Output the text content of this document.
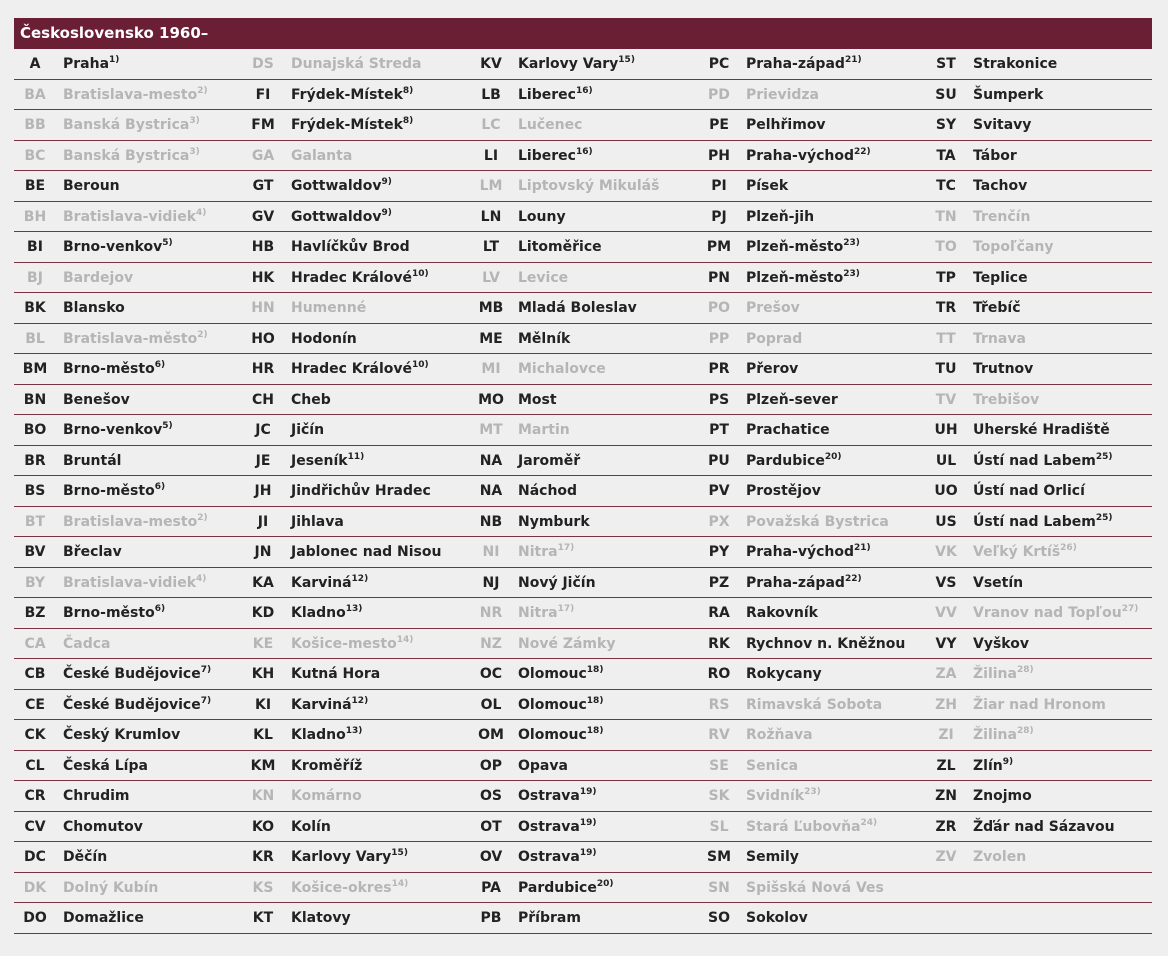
Československo 1960–
A	Praha$^{1)}$	DS	Dunajská Streda	KV	Karlovy Vary$^{15)}$	PC	Praha-západ$^{21)}$	ST	Strakonice
BA	Bratislava-mesto$^{2)}$	FI	Frýdek-Místek$^{8)}$	LB	Liberec$^{16)}$	PD	Prievidza	SU	Šumperk
BB	Banská Bystrica$^{3)}$	FM	Frýdek-Místek$^{8)}$	LC	Lučenec	PE	Pelhřimov	SY	Svitavy
BC	Banská Bystrica$^{3)}$	GA	Galanta	LI	Liberec$^{16)}$	PH	Praha-východ$^{22)}$	TA	Tábor
BE	Beroun	GT	Gottwaldov$^{9)}$	LM	Liptovský Mikuláš	PI	Písek	TC	Tachov
BH	Bratislava-vidiek$^{4)}$	GV	Gottwaldov$^{9)}$	LN	Louny	PJ	Plzeň-jih	TN	Trenčín
BI	Brno-venkov$^{5)}$	HB	Havlíčkův Brod	LT	Litoměřice	PM	Plzeň-město$^{23)}$	TO	Topoľčany
BJ	Bardejov	HK	Hradec Králové$^{10)}$	LV	Levice	PN	Plzeň-město$^{23)}$	TP	Teplice
BK	Blansko	HN	Humenné	MB	Mladá Boleslav	PO	Prešov	TR	Třebíč
BL	Bratislava-město$^{2)}$	HO	Hodonín	ME	Mělník	PP	Poprad	TT	Trnava
BM	Brno-město$^{6)}$	HR	Hradec Králové$^{10)}$	MI	Michalovce	PR	Přerov	TU	Trutnov
BN	Benešov	CH	Cheb	MO	Most	PS	Plzeň-sever	TV	Trebišov
BO	Brno-venkov$^{5)}$	JC	Jičín	MT	Martin	PT	Prachatice	UH	Uherské Hradiště
BR	Bruntál	JE	Jeseník$^{11)}$	NA	Jaroměř	PU	Pardubice$^{20)}$	UL	Ústí nad Labem$^{25)}$
BS	Brno-město$^{6)}$	JH	Jindřichův Hradec	NA	Náchod	PV	Prostějov	UO	Ústí nad Orlicí
BT	Bratislava-mesto$^{2)}$	JI	Jihlava	NB	Nymburk	PX	Považská Bystrica	US	Ústí nad Labem$^{25)}$
BV	Břeclav	JN	Jablonec nad Nisou	NI	Nitra$^{17)}$	PY	Praha-východ$^{21)}$	VK	Veľký Krtíš$^{26)}$
BY	Bratislava-vidiek$^{4)}$	KA	Karviná$^{12)}$	NJ	Nový Jičín	PZ	Praha-západ$^{22)}$	VS	Vsetín
BZ	Brno-město$^{6)}$	KD	Kladno$^{13)}$	NR	Nitra$^{17)}$	RA	Rakovník	VV	Vranov nad Topľou$^{27)}$
CA	Čadca	KE	Košice-mesto$^{14)}$	NZ	Nové Zámky	RK	Rychnov n. Kněžnou	VY	Vyškov
CB	České Budějovice$^{7)}$	KH	Kutná Hora	OC	Olomouc$^{18)}$	RO	Rokycany	ZA	Žilina$^{28)}$
CE	České Budějovice$^{7)}$	KI	Karviná$^{12)}$	OL	Olomouc$^{18)}$	RS	Rimavská Sobota	ZH	Žiar nad Hronom
CK	Český Krumlov	KL	Kladno$^{13)}$	OM	Olomouc$^{18)}$	RV	Rožňava	ZI	Žilina$^{28)}$
CL	Česká Lípa	KM	Kroměříž	OP	Opava	SE	Senica	ZL	Zlín$^{9)}$
CR	Chrudim	KN	Komárno	OS	Ostrava$^{19)}$	SK	Svidník$^{23)}$	ZN	Znojmo
CV	Chomutov	KO	Kolín	OT	Ostrava$^{19)}$	SL	Stará Ľubovňa$^{24)}$	ZR	Žďár nad Sázavou
DC	Děčín	KR	Karlovy Vary$^{15)}$	OV	Ostrava$^{19)}$	SM	Semily	ZV	Zvolen
DK	Dolný Kubín	KS	Košice-okres$^{14)}$	PA	Pardubice$^{20)}$	SN	Spišská Nová Ves
DO	Domažlice	KT	Klatovy	PB	Příbram	SO	Sokolov
